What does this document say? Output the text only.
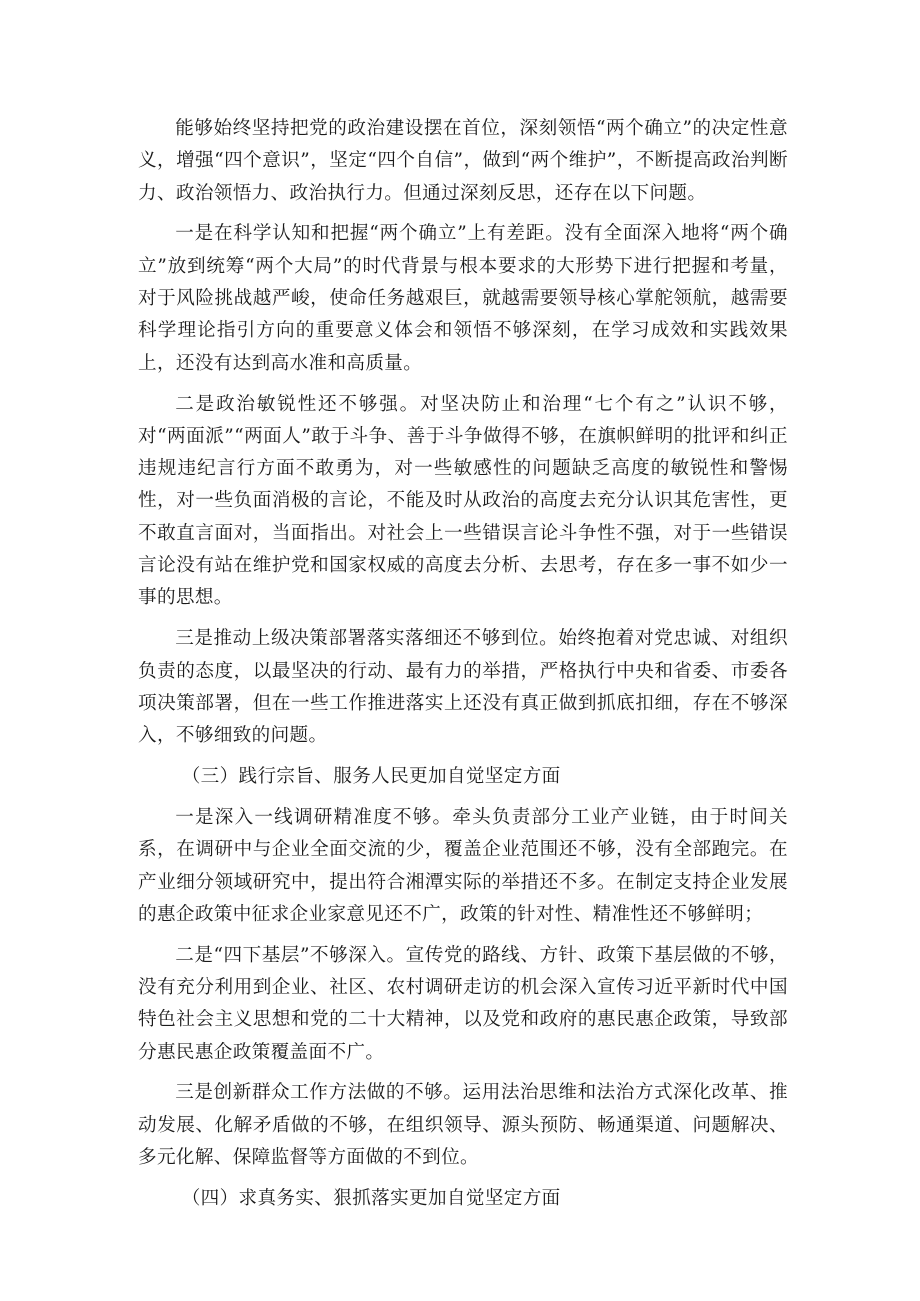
能够始终坚持把党的政治建设摆在首位，深刻领悟“两个确立”的决定性意义，增强“四个意识”，坚定“四个自信”，做到“两个维护”，不断提高政治判断力、政治领悟力、政治执行力。但通过深刻反思，还存在以下问题。

一是在科学认知和把握“两个确立”上有差距。没有全面深入地将“两个确立”放到统筹“两个大局”的时代背景与根本要求的大形势下进行把握和考量，对于风险挑战越严峻，使命任务越艰巨，就越需要领导核心掌舵领航，越需要科学理论指引方向的重要意义体会和领悟不够深刻，在学习成效和实践效果上，还没有达到高水准和高质量。

二是政治敏锐性还不够强。对坚决防止和治理“七个有之”认识不够，对“两面派”“两面人”敢于斗争、善于斗争做得不够，在旗帜鲜明的批评和纠正违规违纪言行方面不敢勇为，对一些敏感性的问题缺乏高度的敏锐性和警惕性，对一些负面消极的言论，不能及时从政治的高度去充分认识其危害性，更不敢直言面对，当面指出。对社会上一些错误言论斗争性不强，对于一些错误言论没有站在维护党和国家权威的高度去分析、去思考，存在多一事不如少一事的思想。

三是推动上级决策部署落实落细还不够到位。始终抱着对党忠诚、对组织负责的态度，以最坚决的行动、最有力的举措，严格执行中央和省委、市委各项决策部署，但在一些工作推进落实上还没有真正做到抓底扣细，存在不够深入，不够细致的问题。

（三）践行宗旨、服务人民更加自觉坚定方面

一是深入一线调研精准度不够。牵头负责部分工业产业链，由于时间关系，在调研中与企业全面交流的少，覆盖企业范围还不够，没有全部跑完。在产业细分领域研究中，提出符合湘潭实际的举措还不多。在制定支持企业发展的惠企政策中征求企业家意见还不广，政策的针对性、精准性还不够鲜明；

二是“四下基层”不够深入。宣传党的路线、方针、政策下基层做的不够，没有充分利用到企业、社区、农村调研走访的机会深入宣传习近平新时代中国特色社会主义思想和党的二十大精神，以及党和政府的惠民惠企政策，导致部分惠民惠企政策覆盖面不广。

三是创新群众工作方法做的不够。运用法治思维和法治方式深化改革、推动发展、化解矛盾做的不够，在组织领导、源头预防、畅通渠道、问题解决、多元化解、保障监督等方面做的不到位。

（四）求真务实、狠抓落实更加自觉坚定方面
